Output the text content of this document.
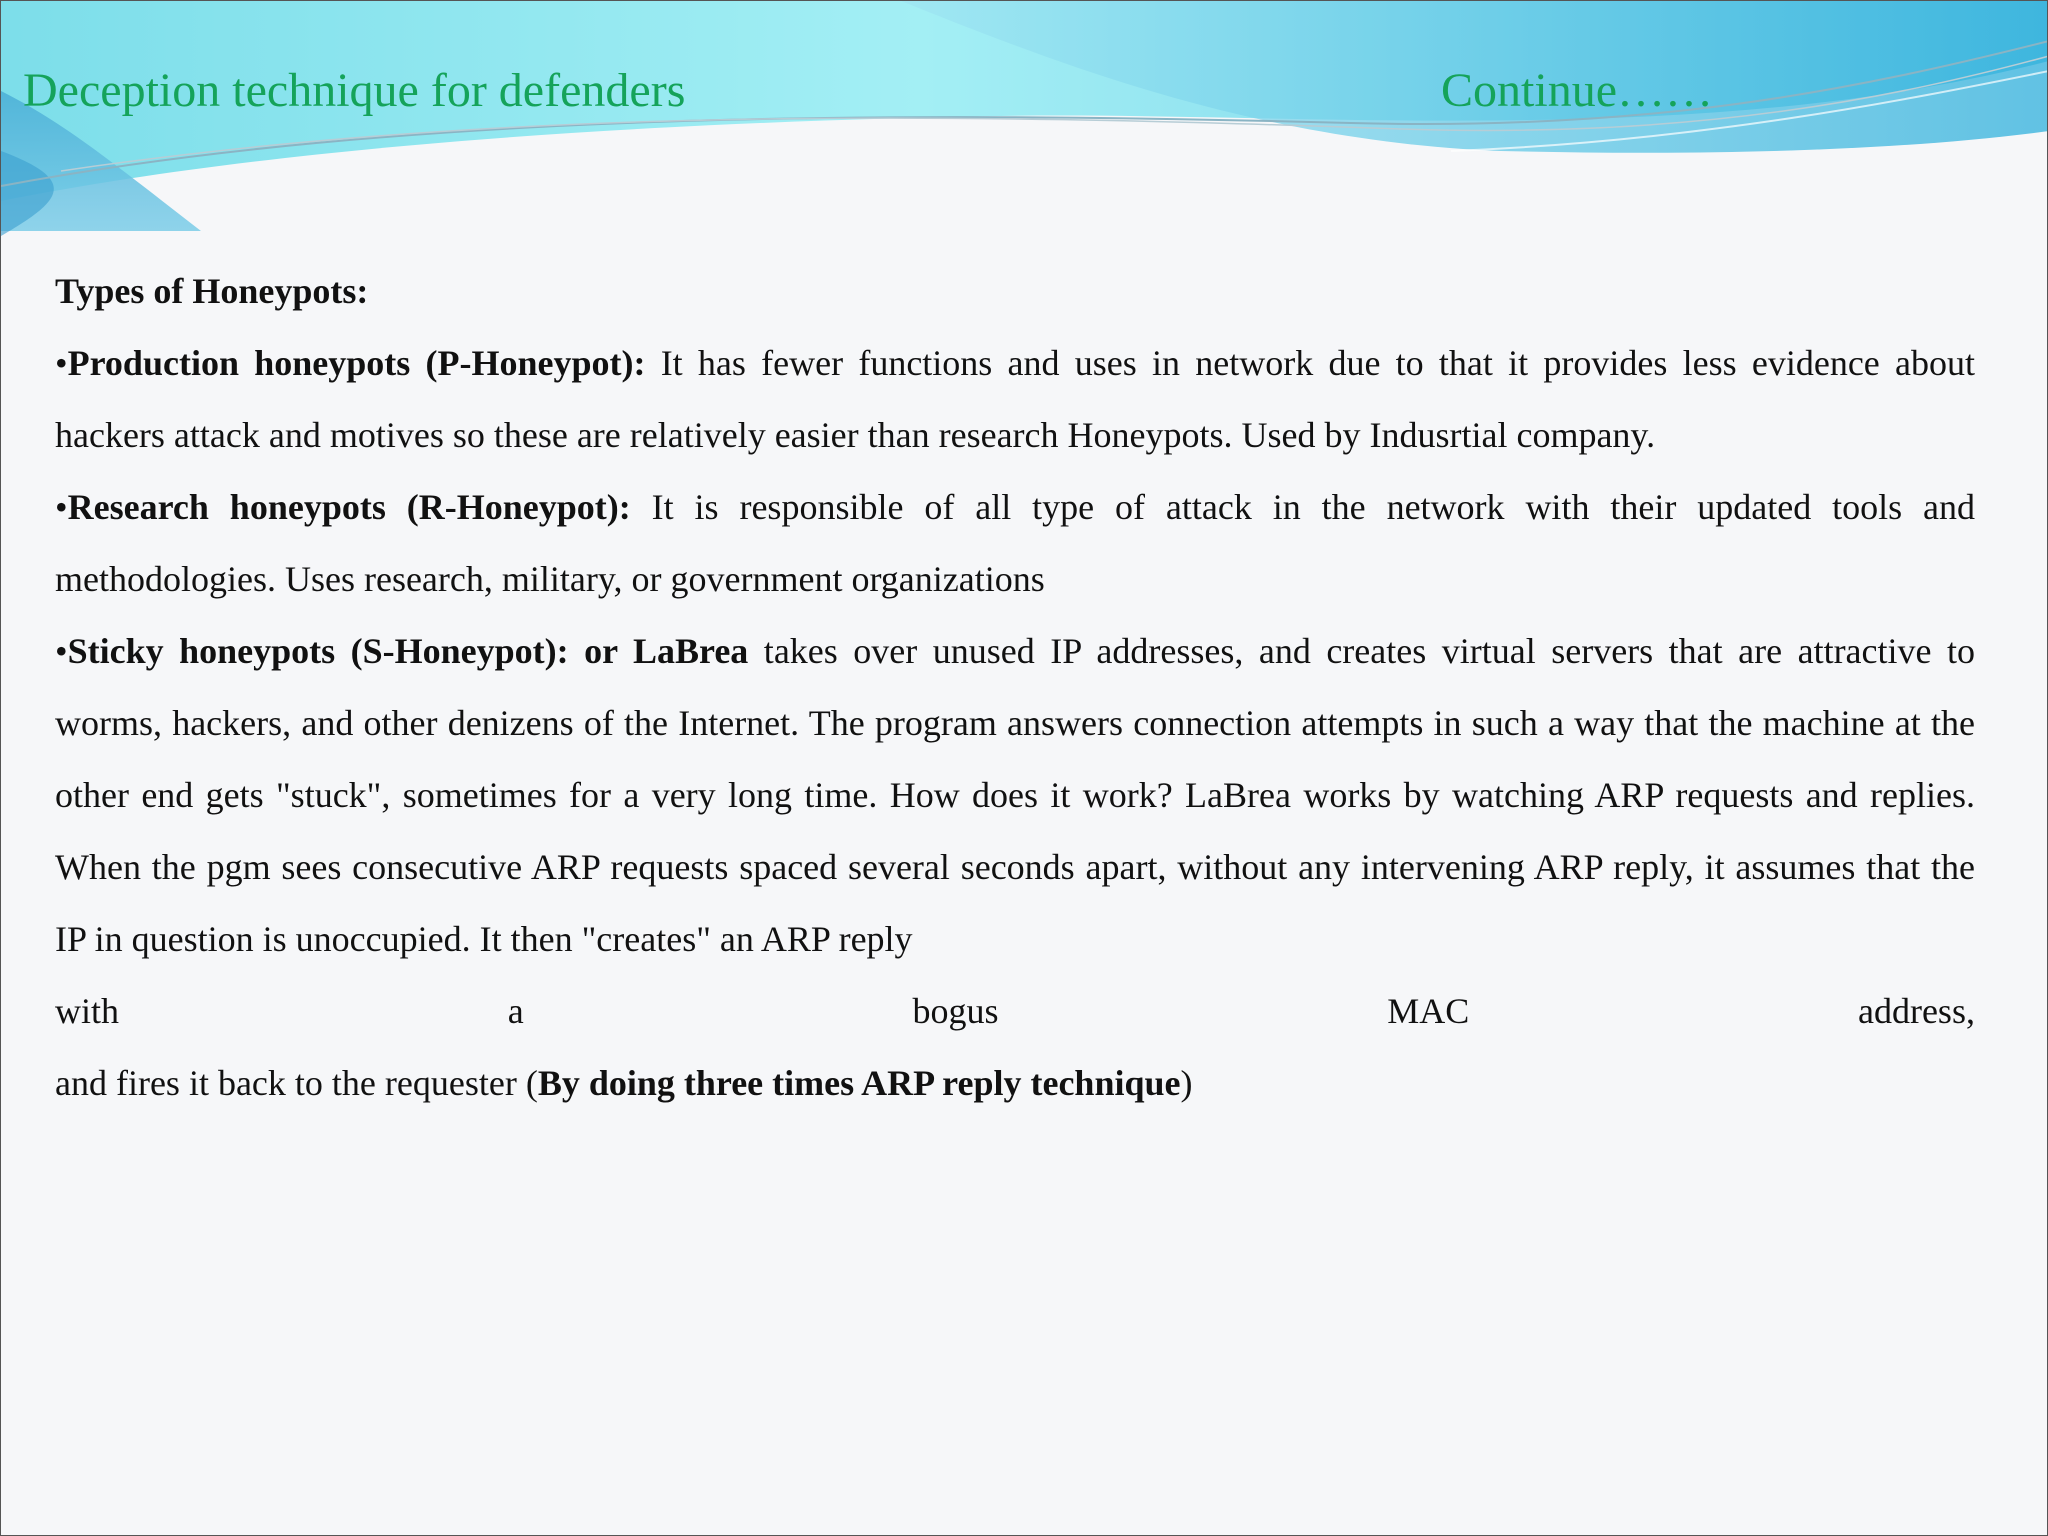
Deception technique for defenders	Continue……

Types of Honeypots:

•Production honeypots (P-Honeypot): It has fewer functions and uses in network due to that it provides less evidence about hackers attack and motives so these are relatively easier than research Honeypots. Used by Indusrtial company.

•Research honeypots (R-Honeypot): It is responsible of all type of attack in the network with their updated tools and methodologies. Uses research, military, or government organizations

•Sticky honeypots (S-Honeypot): or LaBrea takes over unused IP addresses, and creates virtual servers that are attractive to worms, hackers, and other denizens of the Internet. The program answers connection attempts in such a way that the machine at the other end gets "stuck", sometimes for a very long time. How does it work? LaBrea works by watching ARP requests and replies. When the pgm sees consecutive ARP requests spaced several seconds apart, without any intervening ARP reply, it assumes that the IP in question is unoccupied. It then "creates" an ARP reply

with	a	bogus	MAC	address,

and fires it back to the requester (By doing three times ARP reply technique)
